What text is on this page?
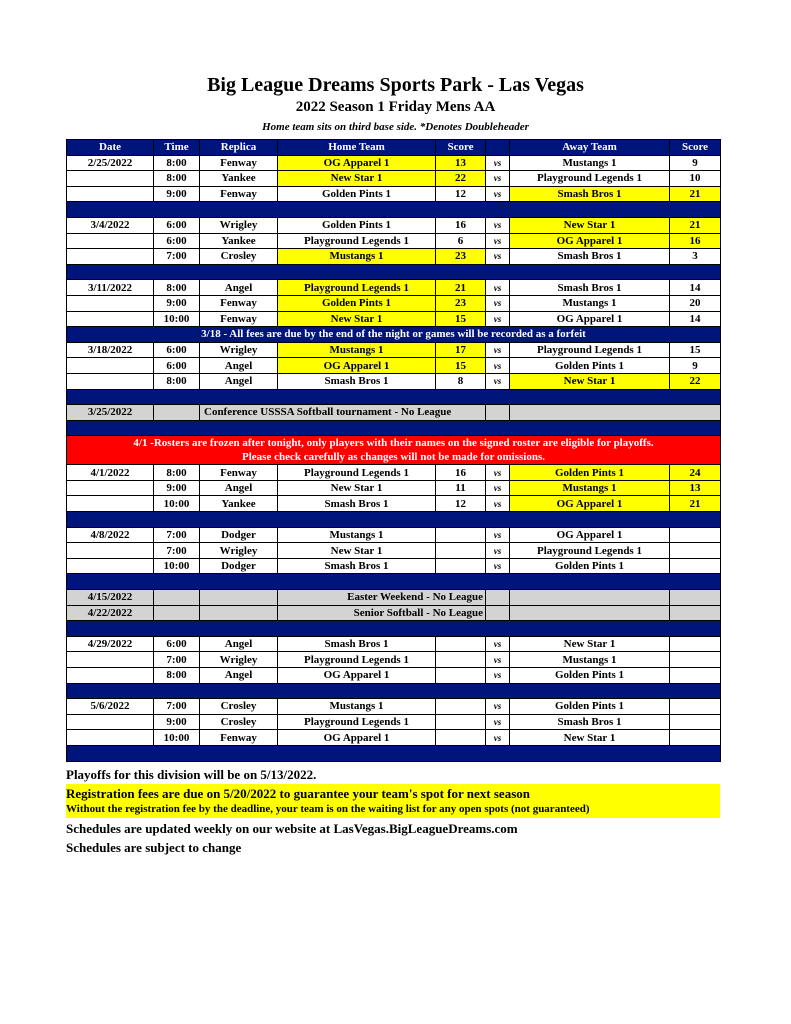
Big League Dreams Sports Park - Las Vegas
2022 Season 1 Friday Mens AA
Home team sits on third base side. *Denotes Doubleheader
Date	Time	Replica	Home Team	Score		Away Team	Score
2/25/2022	8:00	Fenway	OG Apparel 1	13	vs	Mustangs 1	9
	8:00	Yankee	New Star 1	22	vs	Playground Legends 1	10
	9:00	Fenway	Golden Pints 1	12	vs	Smash Bros 1	21

3/4/2022	6:00	Wrigley	Golden Pints 1	16	vs	New Star 1	21
	6:00	Yankee	Playground Legends 1	6	vs	OG Apparel 1	16
	7:00	Crosley	Mustangs 1	23	vs	Smash Bros 1	3

3/11/2022	8:00	Angel	Playground Legends 1	21	vs	Smash Bros 1	14
	9:00	Fenway	Golden Pints 1	23	vs	Mustangs 1	20
	10:00	Fenway	New Star 1	15	vs	OG Apparel 1	14
3/18 - All fees are due by the end of the night or games will be recorded as a forfeit							
3/18/2022	6:00	Wrigley	Mustangs 1	17	vs	Playground Legends 1	15
	6:00	Angel	OG Apparel 1	15	vs	Golden Pints 1	9
	8:00	Angel	Smash Bros 1	8	vs	New Star 1	22

3/25/2022		Conference USSSA Softball tournament - No League					

4/1 -Rosters are frozen after tonight, only players with their names on the signed roster are eligible for playoffs.
Please check carefully as changes will not be made for omissions.							

4/1/2022	8:00	Fenway	Playground Legends 1	16	vs	Golden Pints 1	24
	9:00	Angel	New Star 1	11	vs	Mustangs 1	13
	10:00	Yankee	Smash Bros 1	12	vs	OG Apparel 1	21

4/8/2022	7:00	Dodger	Mustangs 1		vs	OG Apparel 1	
	7:00	Wrigley	New Star 1		vs	Playground Legends 1	
	10:00	Dodger	Smash Bros 1		vs	Golden Pints 1	

4/15/2022			Easter Weekend - No League				
4/22/2022			Senior Softball - No League				

4/29/2022	6:00	Angel	Smash Bros 1		vs	New Star 1	
	7:00	Wrigley	Playground Legends 1		vs	Mustangs 1	
	8:00	Angel	OG Apparel 1		vs	Golden Pints 1	

5/6/2022	7:00	Crosley	Mustangs 1		vs	Golden Pints 1	
	9:00	Crosley	Playground Legends 1		vs	Smash Bros 1	
	10:00	Fenway	OG Apparel 1		vs	New Star 1	

Playoffs for this division will be on 5/13/2022.
Registration fees are due on 5/20/2022 to guarantee your team's spot for next season
Without the registration fee by the deadline, your team is on the waiting list for any open spots (not guaranteed)
Schedules are updated weekly on our website at LasVegas.BigLeagueDreams.com
Schedules are subject to change
